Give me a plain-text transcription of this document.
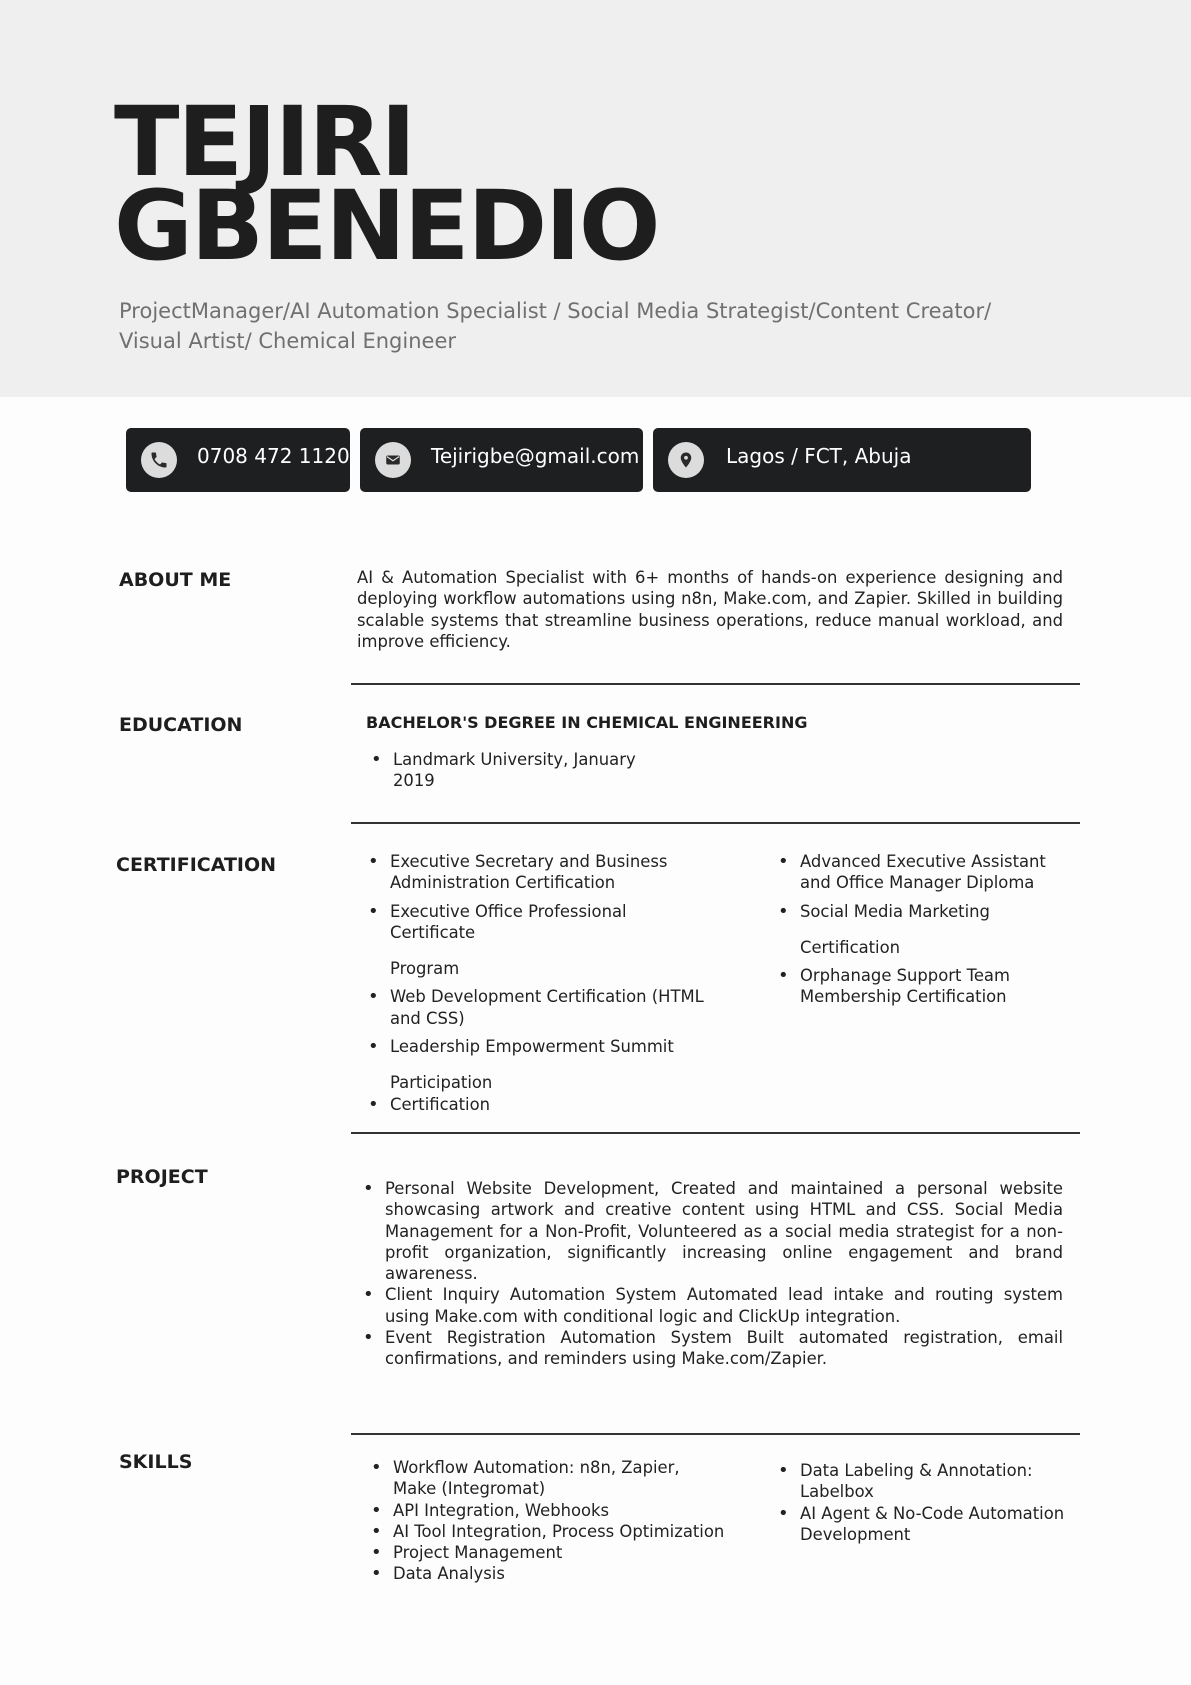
TEJIRI
GBENEDIO

ProjectManager/AI Automation Specialist / Social Media Strategist/Content Creator/
Visual Artist/ Chemical Engineer

0708 472 1120	Tejirigbe@gmail.com	Lagos / FCT, Abuja
ABOUT ME	AI & Automation Specialist with 6+ months of hands-on experience designing and deploying workflow automations using n8n, Make.com, and Zapier. Skilled in building scalable systems that streamline business operations, reduce manual workload, and improve efficiency.

EDUCATION	BACHELOR'S DEGREE IN CHEMICAL ENGINEERING

• Landmark University, January
2019
CERTIFICATION	• Executive Secretary and Business Administration Certification
• Executive Office Professional Certificate
Program
• Web Development Certification (HTML and CSS)
• Leadership Empowerment Summit
Participation
• Certification
• Advanced Executive Assistant and Office Manager Diploma
• Social Media Marketing
Certification
• Orphanage Support Team Membership Certification
PROJECT
• Personal Website Development, Created and maintained a personal website showcasing artwork and creative content using HTML and CSS. Social Media Management for a Non-Profit, Volunteered as a social media strategist for a non-profit organization, significantly increasing online engagement and brand awareness.
• Client Inquiry Automation System Automated lead intake and routing system using Make.com with conditional logic and ClickUp integration.
• Event Registration Automation System Built automated registration, email confirmations, and reminders using Make.com/Zapier.
SKILLS	• Workflow Automation: n8n, Zapier, Make (Integromat)
• API Integration, Webhooks
• AI Tool Integration, Process Optimization
• Project Management
• Data Analysis
• Data Labeling & Annotation: Labelbox
• AI Agent & No-Code Automation Development
